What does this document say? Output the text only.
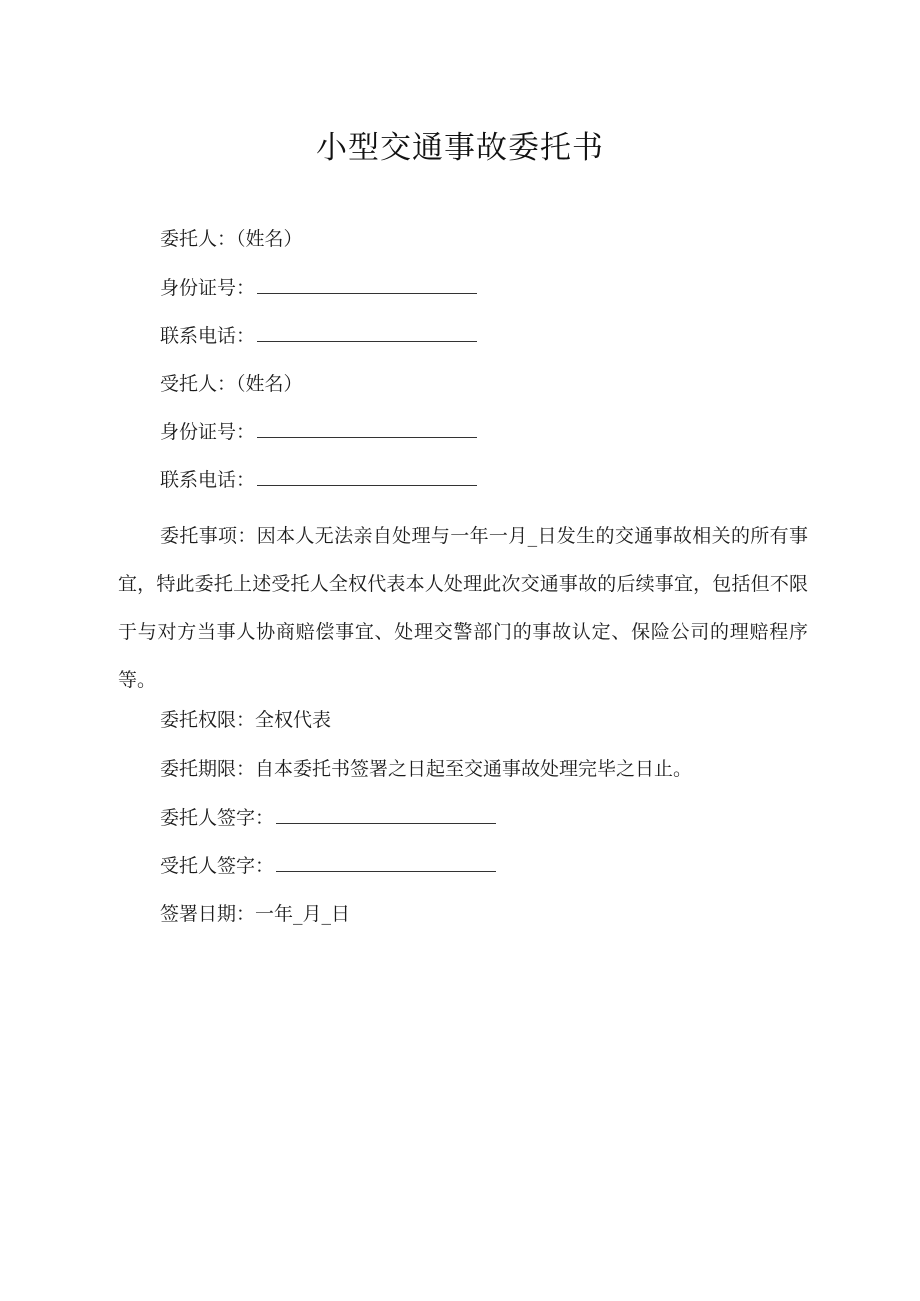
小型交通事故委托书
委托人：（姓名）
身份证号：
联系电话：
受托人：（姓名）
身份证号：
联系电话：
委托事项：因本人无法亲自处理与一年一月_日发生的交通事故相关的所有事宜，特此委托上述受托人全权代表本人处理此次交通事故的后续事宜，包括但不限于与对方当事人协商赔偿事宜、处理交警部门的事故认定、保险公司的理赔程序等。
委托权限：全权代表
委托期限：自本委托书签署之日起至交通事故处理完毕之日止。
委托人签字：
受托人签字：
签署日期：一年_月_日
